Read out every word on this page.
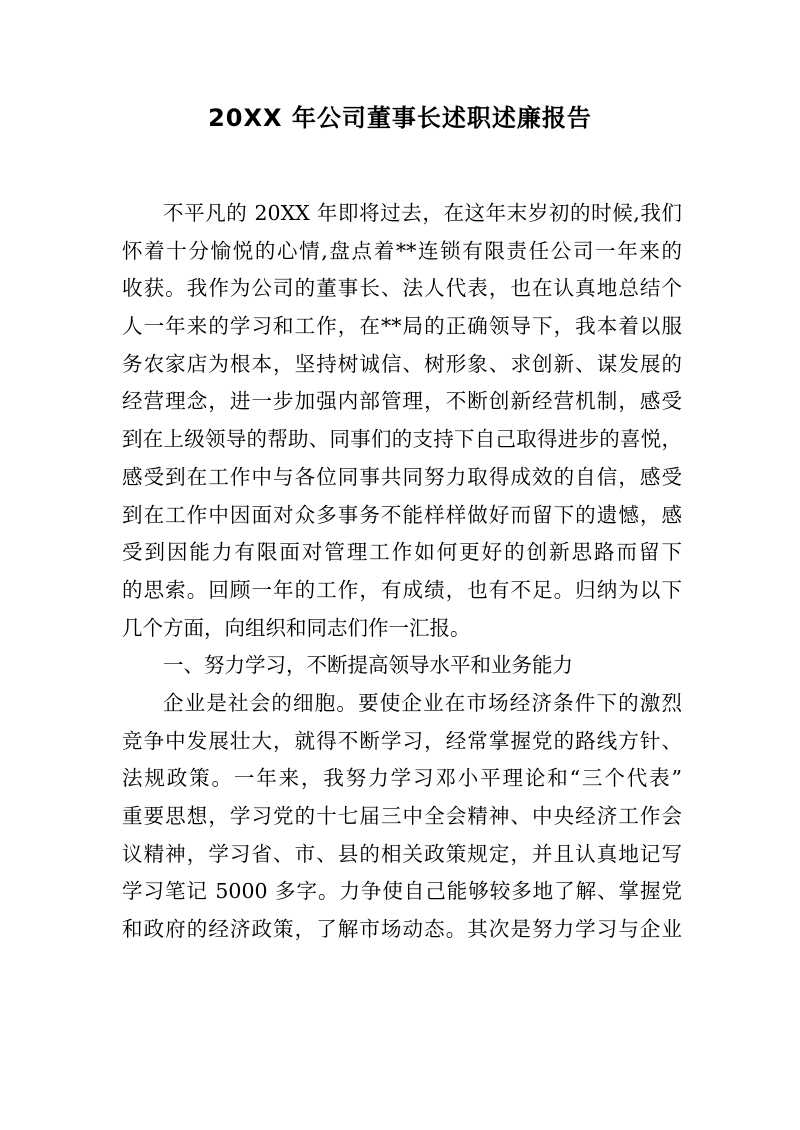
20XX 年公司董事长述职述廉报告
不平凡的 20XX 年即将过去，在这年末岁初的时候,我们
怀着十分愉悦的心情,盘点着**连锁有限责任公司一年来的
收获。我作为公司的董事长、法人代表，也在认真地总结个
人一年来的学习和工作，在**局的正确领导下，我本着以服
务农家店为根本，坚持树诚信、树形象、求创新、谋发展的
经营理念，进一步加强内部管理，不断创新经营机制，感受
到在上级领导的帮助、同事们的支持下自己取得进步的喜悦，
感受到在工作中与各位同事共同努力取得成效的自信，感受
到在工作中因面对众多事务不能样样做好而留下的遗憾，感
受到因能力有限面对管理工作如何更好的创新思路而留下
的思索。回顾一年的工作，有成绩，也有不足。归纳为以下
几个方面，向组织和同志们作一汇报。
一、努力学习，不断提高领导水平和业务能力
企业是社会的细胞。要使企业在市场经济条件下的激烈
竞争中发展壮大，就得不断学习，经常掌握党的路线方针、
法规政策。一年来，我努力学习邓小平理论和“三个代表”
重要思想，学习党的十七届三中全会精神、中央经济工作会
议精神，学习省、市、县的相关政策规定，并且认真地记写
学习笔记 5000 多字。力争使自己能够较多地了解、掌握党
和政府的经济政策，了解市场动态。其次是努力学习与企业
